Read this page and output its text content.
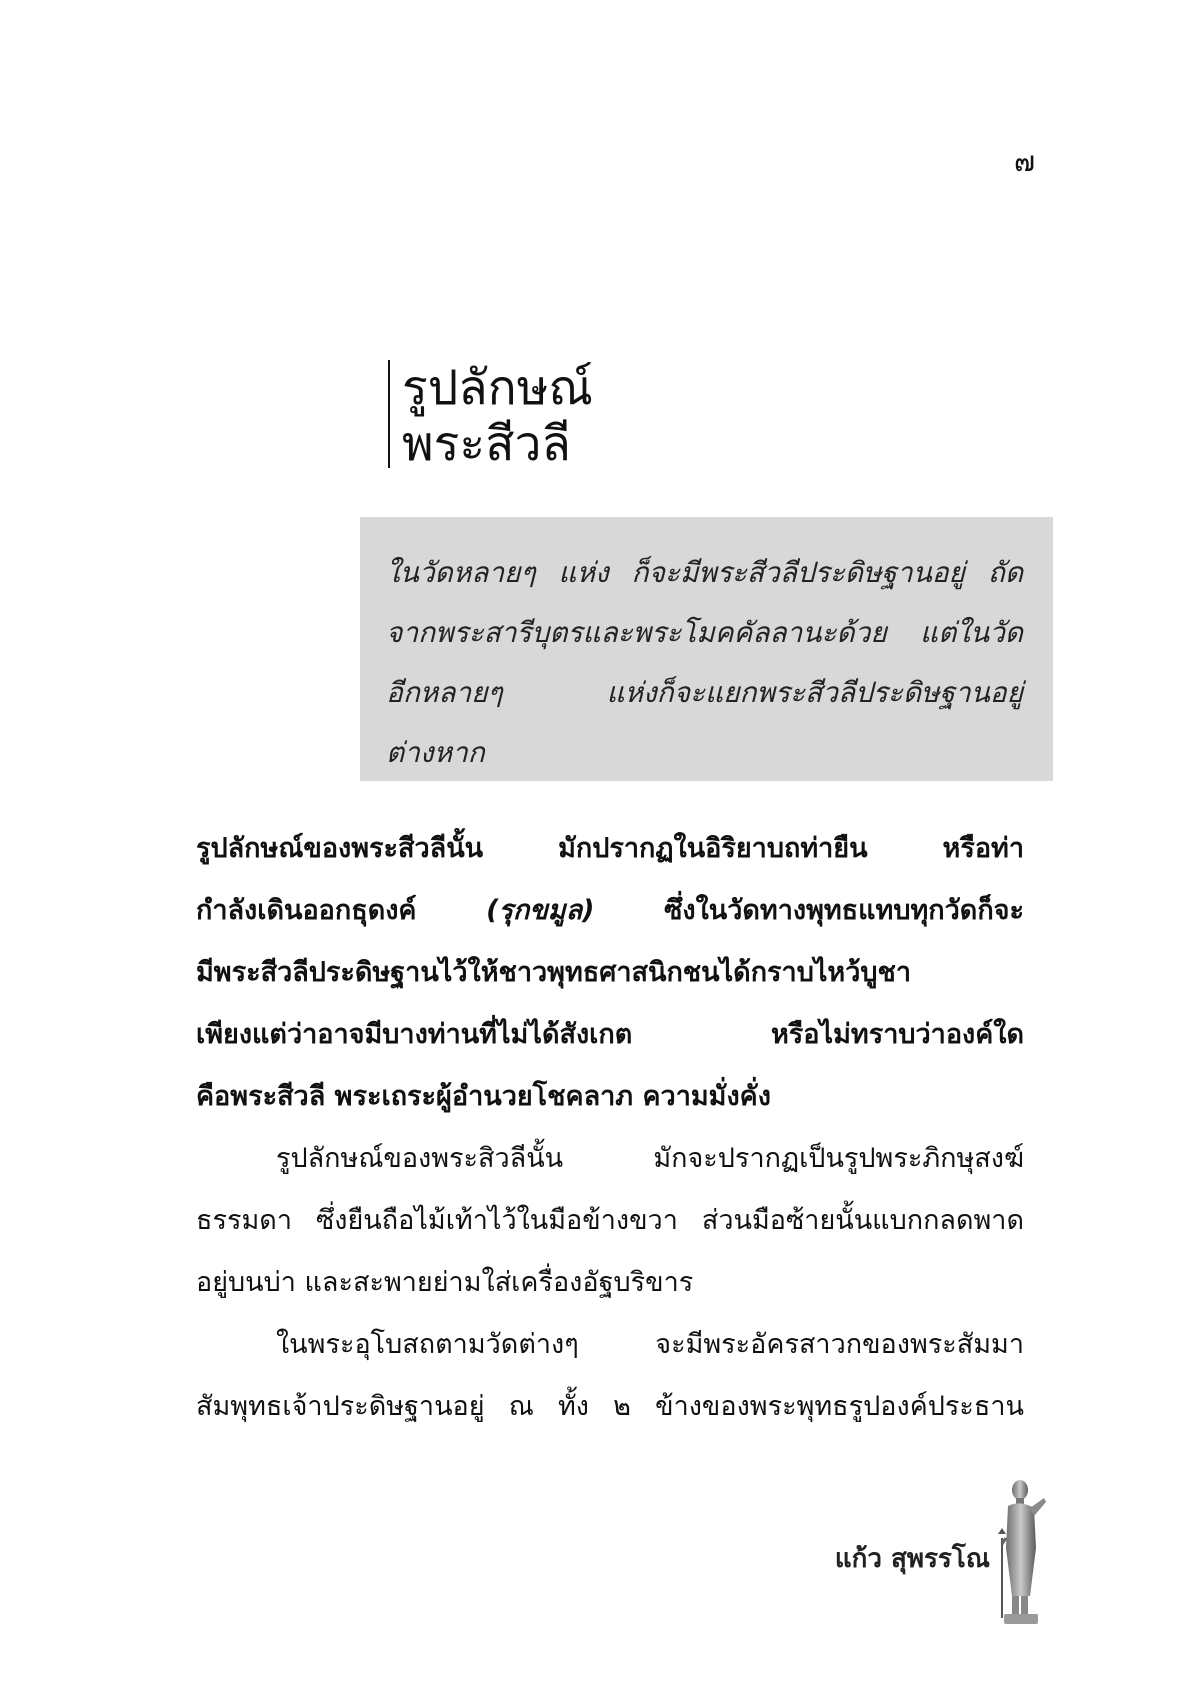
๗
รูปลักษณ์
พระสีวลี
ในวัดหลายๆ แห่ง ก็จะมีพระสีวลีประดิษฐานอยู่ ถัด
จากพระสารีบุตรและพระโมคคัลลานะด้วย แต่ในวัด
อีกหลายๆ แห่งก็จะแยกพระสีวลีประดิษฐานอยู่
ต่างหาก
รูปลักษณ์ของพระสีวลีนั้น มักปรากฏในอิริยาบถท่ายืน หรือท่า
กำลังเดินออกธุดงค์ (รุกขมูล) ซึ่งในวัดทางพุทธแทบทุกวัดก็จะ
มีพระสีวลีประดิษฐานไว้ให้ชาวพุทธศาสนิกชนได้กราบไหว้บูชา
เพียงแต่ว่าอาจมีบางท่านที่ไม่ได้สังเกต หรือไม่ทราบว่าองค์ใด
คือพระสีวลี พระเถระผู้อำนวยโชคลาภ ความมั่งคั่ง
รูปลักษณ์ของพระสิวลีนั้น มักจะปรากฏเป็นรูปพระภิกษุสงฆ์
ธรรมดา ซึ่งยืนถือไม้เท้าไว้ในมือข้างขวา ส่วนมือซ้ายนั้นแบกกลดพาด
อยู่บนบ่า และสะพายย่ามใส่เครื่องอัฐบริขาร
ในพระอุโบสถตามวัดต่างๆ จะมีพระอัครสาวกของพระสัมมา
สัมพุทธเจ้าประดิษฐานอยู่ ณ ทั้ง ๒ ข้างของพระพุทธรูปองค์ประธาน
แก้ว สุพรรโณ
